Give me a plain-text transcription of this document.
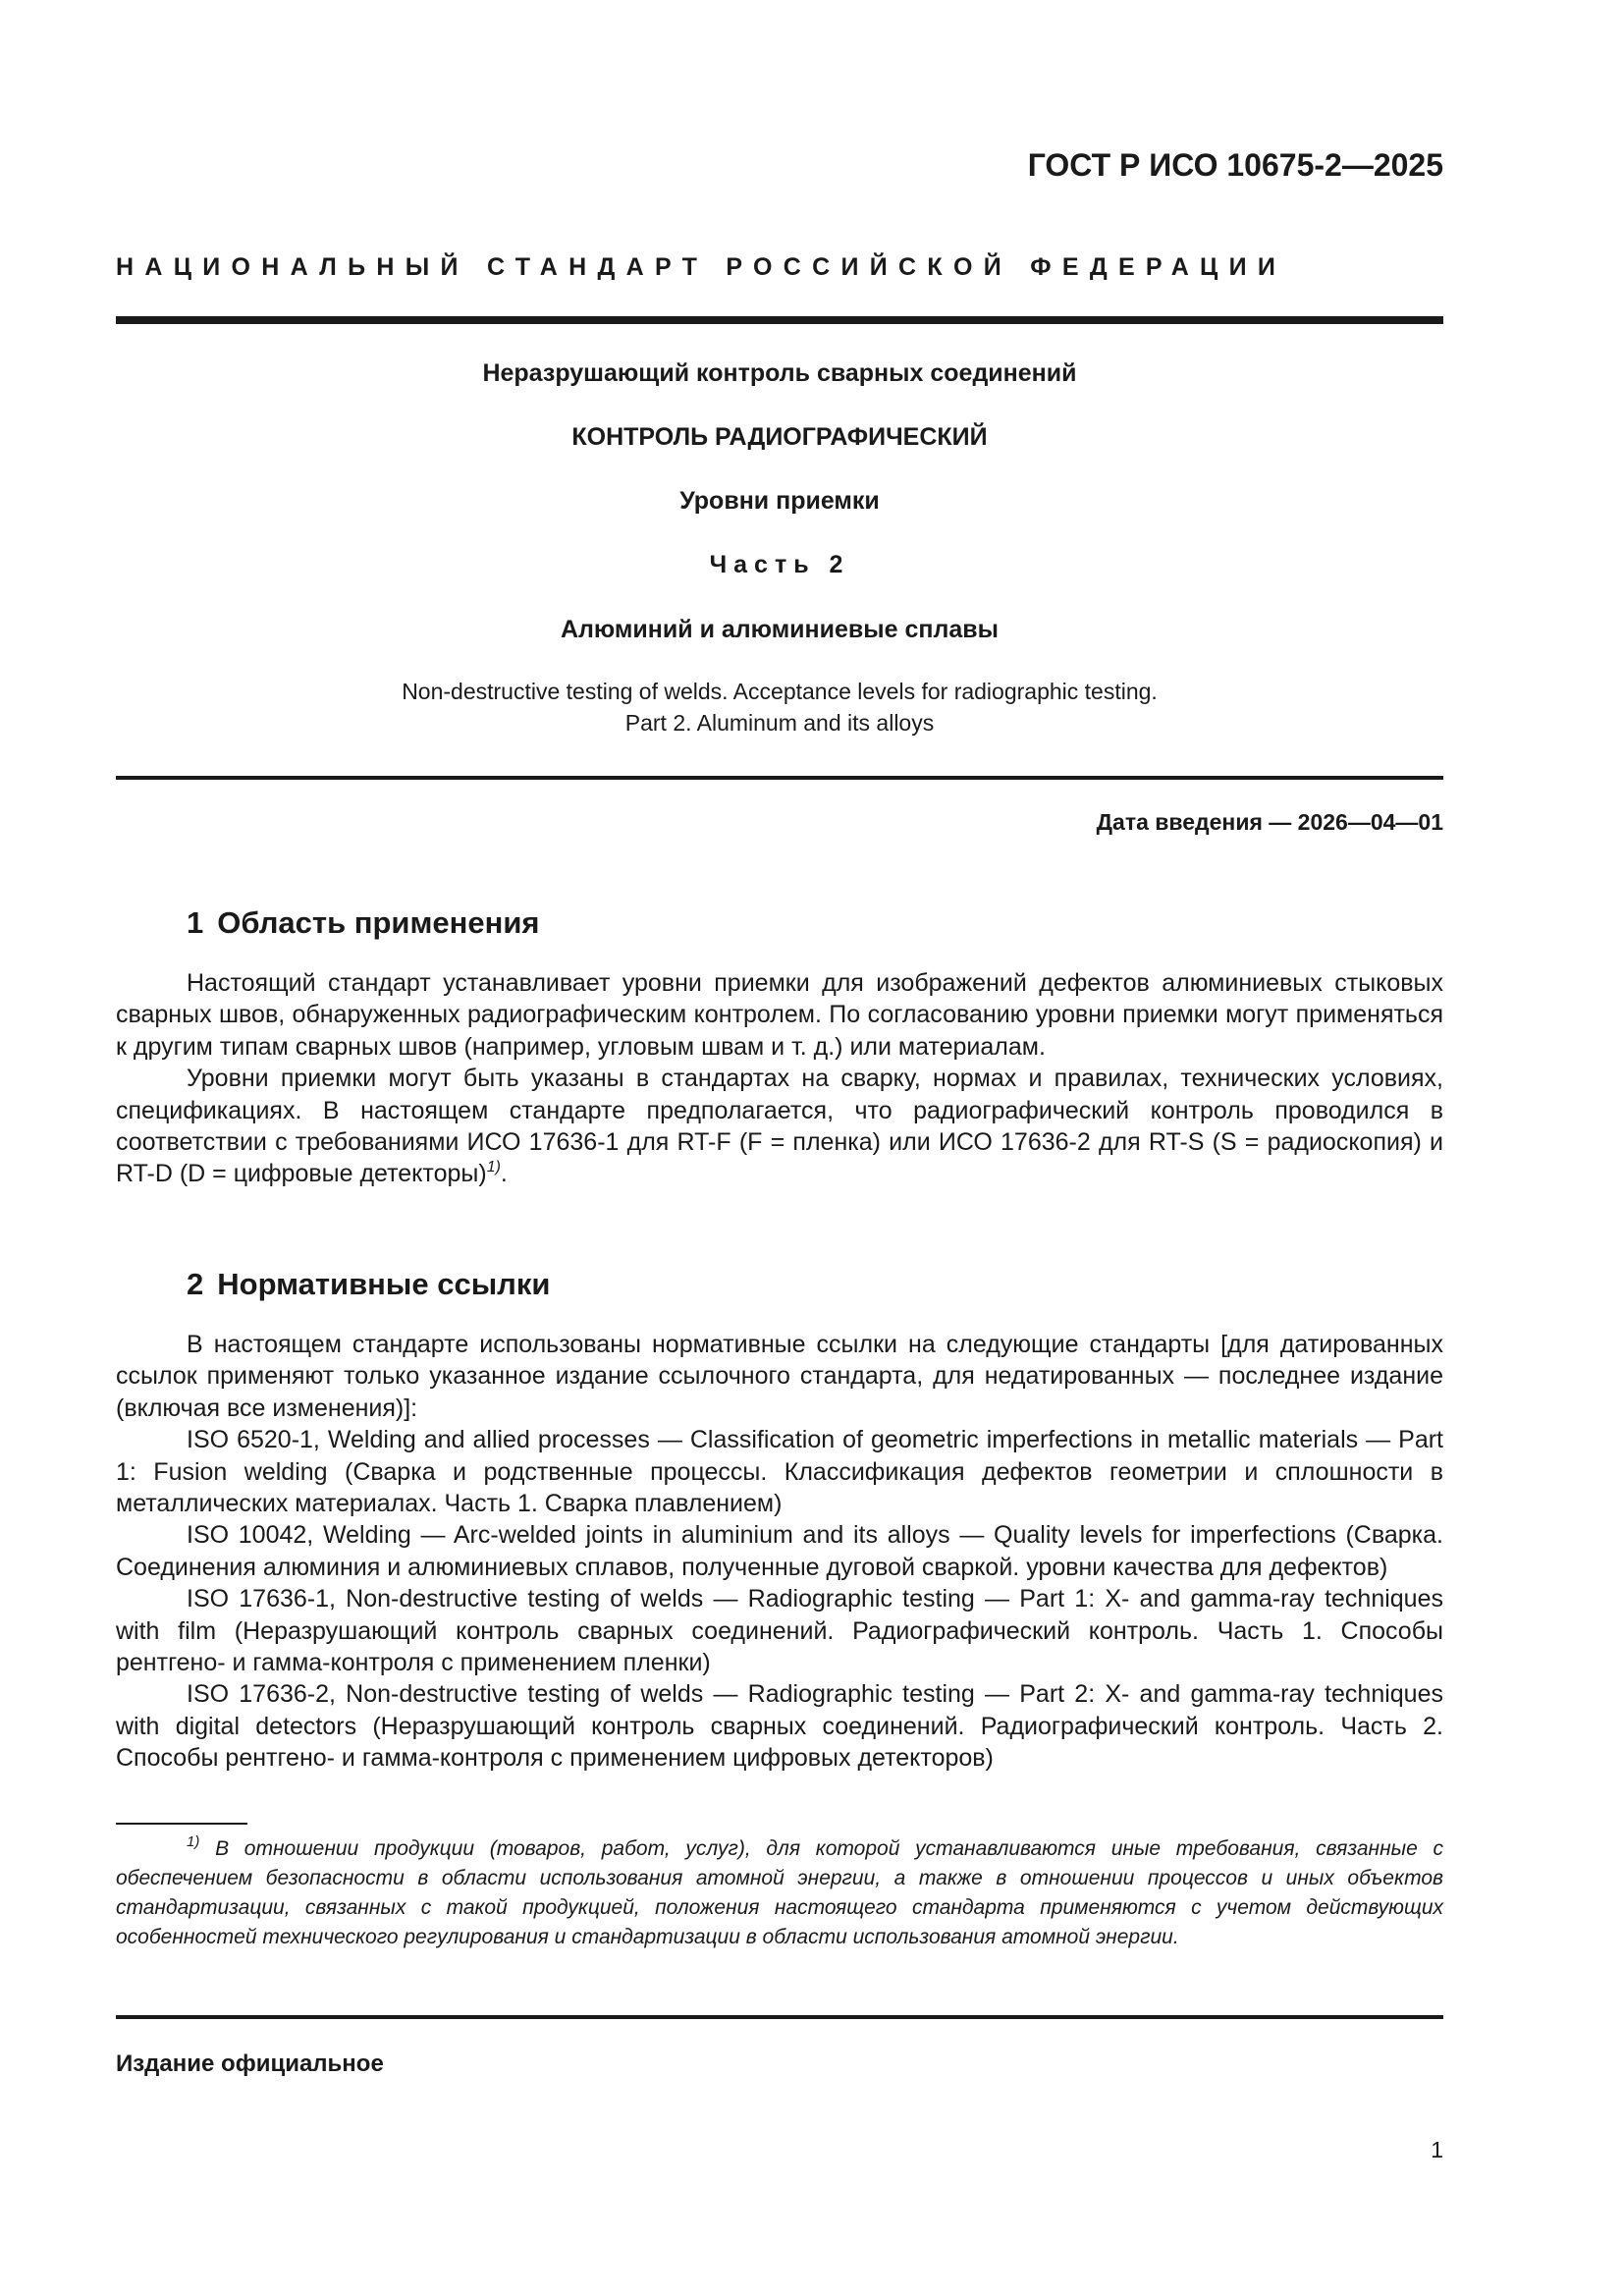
ГОСТ Р ИСО 10675-2—2025

НАЦИОНАЛЬНЫЙ СТАНДАРТ РОССИЙСКОЙ ФЕДЕРАЦИИ

Неразрушающий контроль сварных соединений

КОНТРОЛЬ РАДИОГРАФИЧЕСКИЙ

Уровни приемки

Часть 2

Алюминий и алюминиевые сплавы

Non-destructive testing of welds. Acceptance levels for radiographic testing.
Part 2. Aluminum and its alloys

Дата введения — 2026—04—01

1 Область применения

Настоящий стандарт устанавливает уровни приемки для изображений дефектов алюминиевых стыковых сварных швов, обнаруженных радиографическим контролем. По согласованию уровни приемки могут применяться к другим типам сварных швов (например, угловым швам и т. д.) или материалам.

Уровни приемки могут быть указаны в стандартах на сварку, нормах и правилах, технических условиях, спецификациях. В настоящем стандарте предполагается, что радиографический контроль проводился в соответствии с требованиями ИСО 17636-1 для RT-F (F = пленка) или ИСО 17636-2 для RT-S (S = радиоскопия) и RT-D (D = цифровые детекторы)$^{1)}$.

2 Нормативные ссылки

В настоящем стандарте использованы нормативные ссылки на следующие стандарты [для датированных ссылок применяют только указанное издание ссылочного стандарта, для недатированных — последнее издание (включая все изменения)]:

ISO 6520-1, Welding and allied processes — Classification of geometric imperfections in metallic materials — Part 1: Fusion welding (Сварка и родственные процессы. Классификация дефектов геометрии и сплошности в металлических материалах. Часть 1. Сварка плавлением)

ISO 10042, Welding — Arc-welded joints in aluminium and its alloys — Quality levels for imperfections (Сварка. Соединения алюминия и алюминиевых сплавов, полученные дуговой сваркой. уровни качества для дефектов)

ISO 17636-1, Non-destructive testing of welds — Radiographic testing — Part 1: X- and gamma-ray techniques with film (Неразрушающий контроль сварных соединений. Радиографический контроль. Часть 1. Способы рентгено- и гамма-контроля с применением пленки)

ISO 17636-2, Non-destructive testing of welds — Radiographic testing — Part 2: X- and gamma-ray techniques with digital detectors (Неразрушающий контроль сварных соединений. Радиографический контроль. Часть 2. Способы рентгено- и гамма-контроля с применением цифровых детекторов)

$^{1)}$ В отношении продукции (товаров, работ, услуг), для которой устанавливаются иные требования, связанные с обеспечением безопасности в области использования атомной энергии, а также в отношении процессов и иных объектов стандартизации, связанных с такой продукцией, положения настоящего стандарта применяются с учетом действующих особенностей технического регулирования и стандартизации в области использования атомной энергии.

Издание официальное

1
